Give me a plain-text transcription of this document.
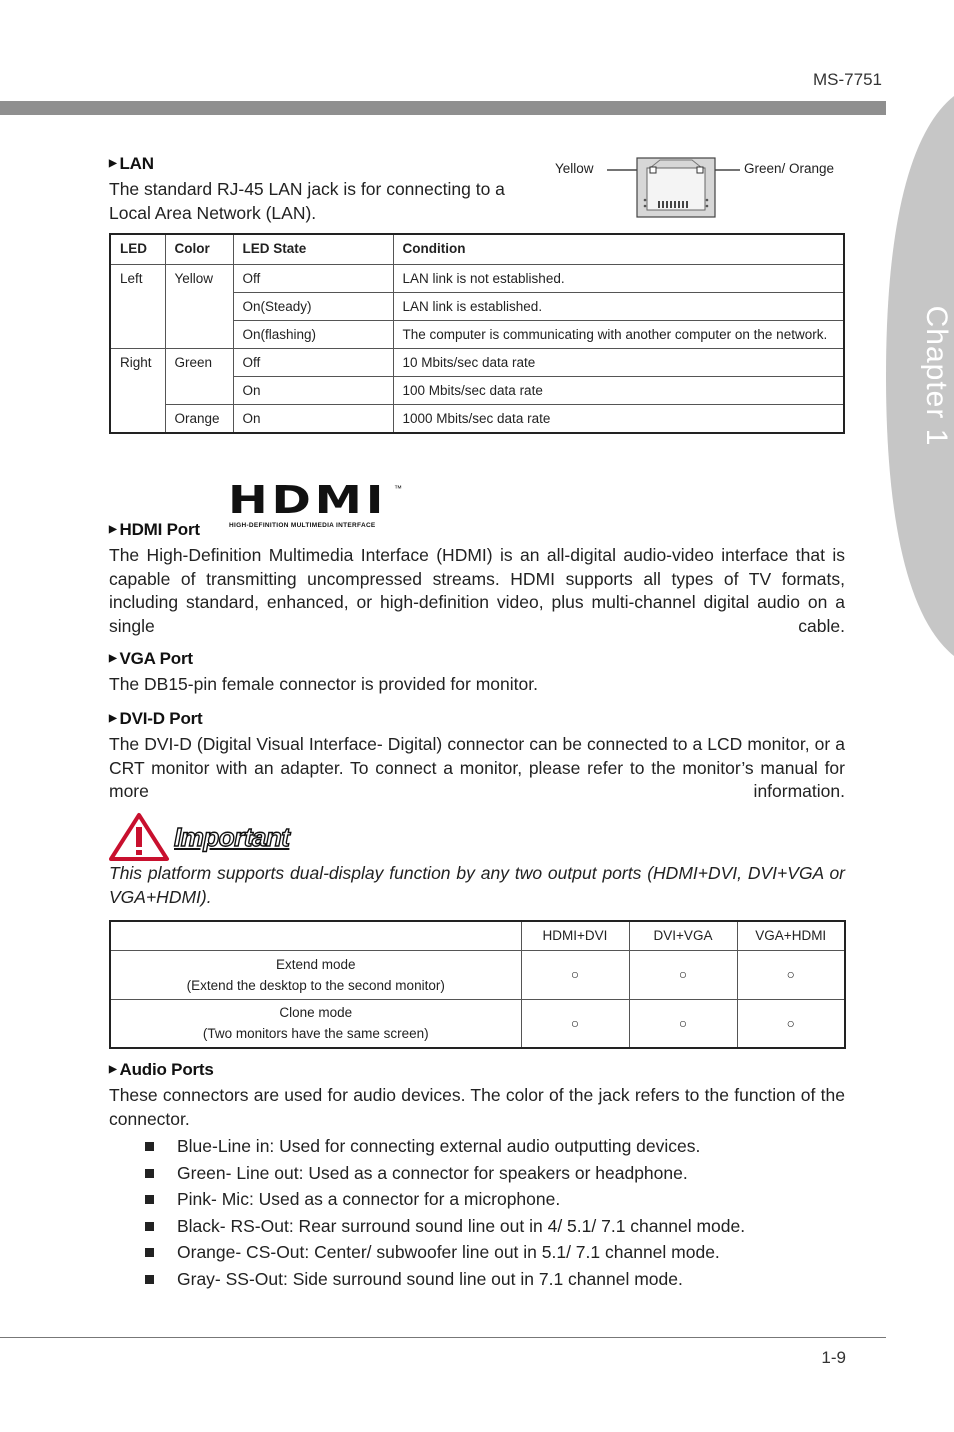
MS-7751
Chapter 1
▶ LAN
The standard RJ-45 LAN jack is for connecting to a
Local Area Network (LAN).
Yellow	Green/ Orange
LED	Color	LED State	Condition
Left	Yellow	Off	LAN link is not established.
		On(Steady)	LAN link is established.
		On(flashing)	The computer is communicating with another computer on the network.
Right	Green	Off	10 Mbits/sec data rate
		On	100 Mbits/sec data rate
	Orange	On	1000 Mbits/sec data rate
HDMI ™
HIGH-DEFINITION MULTIMEDIA INTERFACE
▶ HDMI Port
The High-Definition Multimedia Interface (HDMI) is an all-digital audio-video interface that is capable of transmitting uncompressed streams. HDMI supports all types of TV formats, including standard, enhanced, or high-definition video, plus multi-channel digital audio on a single cable.
▶ VGA Port
The DB15-pin female connector is provided for monitor.
▶ DVI-D Port
The DVI-D (Digital Visual Interface- Digital) connector can be connected to a LCD monitor, or a CRT monitor with an adapter. To connect a monitor, please refer to the monitor’s manual for more information.
Important
This platform supports dual-display function by any two output ports (HDMI+DVI, DVI+VGA or VGA+HDMI).
	HDMI+DVI	DVI+VGA	VGA+HDMI

Extend mode
(Extend the desktop to the second monitor)	○	○	○

Clone mode
(Two monitors have the same screen)	○	○	○
▶ Audio Ports
These connectors are used for audio devices. The color of the jack refers to the function of the connector.
Blue-Line in: Used for connecting external audio outputting devices.
Green- Line out: Used as a connector for speakers or headphone.
Pink- Mic: Used as a connector for a microphone.
Black- RS-Out: Rear surround sound line out in 4/ 5.1/ 7.1 channel mode.
Orange- CS-Out: Center/ subwoofer line out in 5.1/ 7.1 channel mode.
Gray- SS-Out: Side surround sound line out in 7.1 channel mode.
1-9
